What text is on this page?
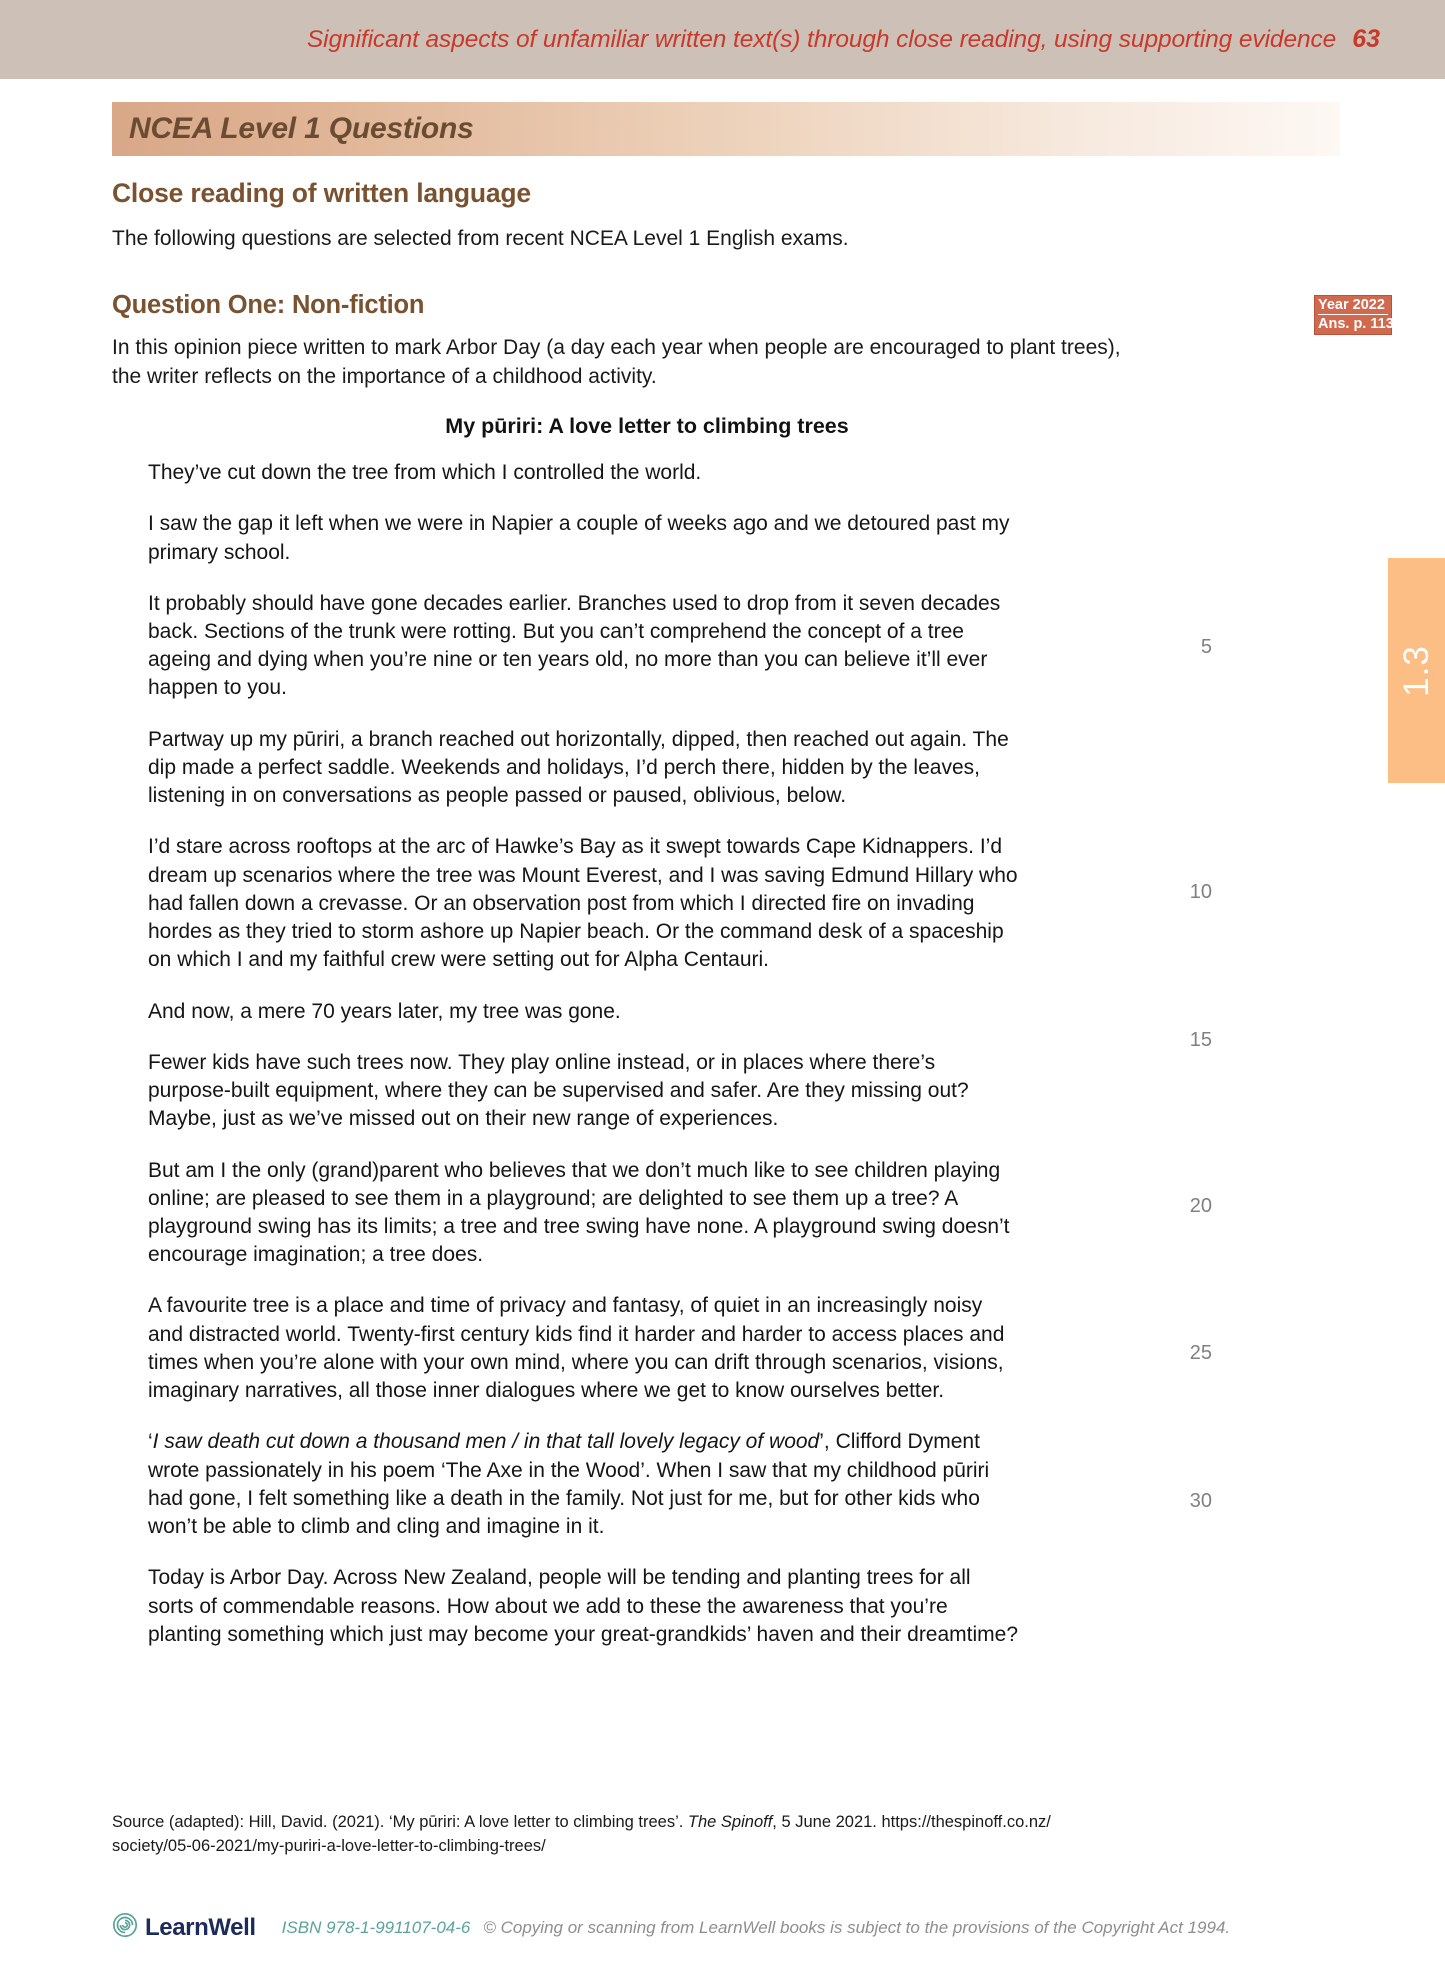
Significant aspects of unfamiliar written text(s) through close reading, using supporting evidence 63
NCEA Level 1 Questions
1.3
Year 2022
Ans. p. 113
Close reading of written language

The following questions are selected from recent NCEA Level 1 English exams.

Question One: Non-fiction

In this opinion piece written to mark Arbor Day (a day each year when people are encouraged to plant trees), the writer reflects on the importance of a childhood activity.

My pūriri: A love letter to climbing trees

They’ve cut down the tree from which I controlled the world.

I saw the gap it left when we were in Napier a couple of weeks ago and we detoured past my primary school.

It probably should have gone decades earlier. Branches used to drop from it seven decades back. Sections of the trunk were rotting. But you can’t comprehend the concept of a tree ageing and dying when you’re nine or ten years old, no more than you can believe it’ll ever happen to you.

Partway up my pūriri, a branch reached out horizontally, dipped, then reached out again. The dip made a perfect saddle. Weekends and holidays, I’d perch there, hidden by the leaves, listening in on conversations as people passed or paused, oblivious, below.

I’d stare across rooftops at the arc of Hawke’s Bay as it swept towards Cape Kidnappers. I’d dream up scenarios where the tree was Mount Everest, and I was saving Edmund Hillary who had fallen down a crevasse. Or an observation post from which I directed fire on invading hordes as they tried to storm ashore up Napier beach. Or the command desk of a spaceship on which I and my faithful crew were setting out for Alpha Centauri.

And now, a mere 70 years later, my tree was gone.

Fewer kids have such trees now. They play online instead, or in places where there’s purpose-built equipment, where they can be supervised and safer. Are they missing out? Maybe, just as we’ve missed out on their new range of experiences.

But am I the only (grand)parent who believes that we don’t much like to see children playing online; are pleased to see them in a playground; are delighted to see them up a tree? A playground swing has its limits; a tree and tree swing have none. A playground swing doesn’t encourage imagination; a tree does.

A favourite tree is a place and time of privacy and fantasy, of quiet in an increasingly noisy and distracted world. Twenty-first century kids find it harder and harder to access places and times when you’re alone with your own mind, where you can drift through scenarios, visions, imaginary narratives, all those inner dialogues where we get to know ourselves better.

‘I saw death cut down a thousand men / in that tall lovely legacy of wood’, Clifford Dyment wrote passionately in his poem ‘The Axe in the Wood’. When I saw that my childhood pūriri had gone, I felt something like a death in the family. Not just for me, but for other kids who won’t be able to climb and cling and imagine in it.

Today is Arbor Day. Across New Zealand, people will be tending and planting trees for all sorts of commendable reasons. How about we add to these the awareness that you’re planting something which just may become your great-grandkids’ haven and their dreamtime?

5
10
15
20
25
30
Source (adapted): Hill, David. (2021). ‘My pūriri: A love letter to climbing trees’. The Spinoff, 5 June 2021. https://thespinoff.co.nz/
society/05-06-2021/my-puriri-a-love-letter-to-climbing-trees/
LearnWell ISBN 978-1-991107-04-6 © Copying or scanning from LearnWell books is subject to the provisions of the Copyright Act 1994.
